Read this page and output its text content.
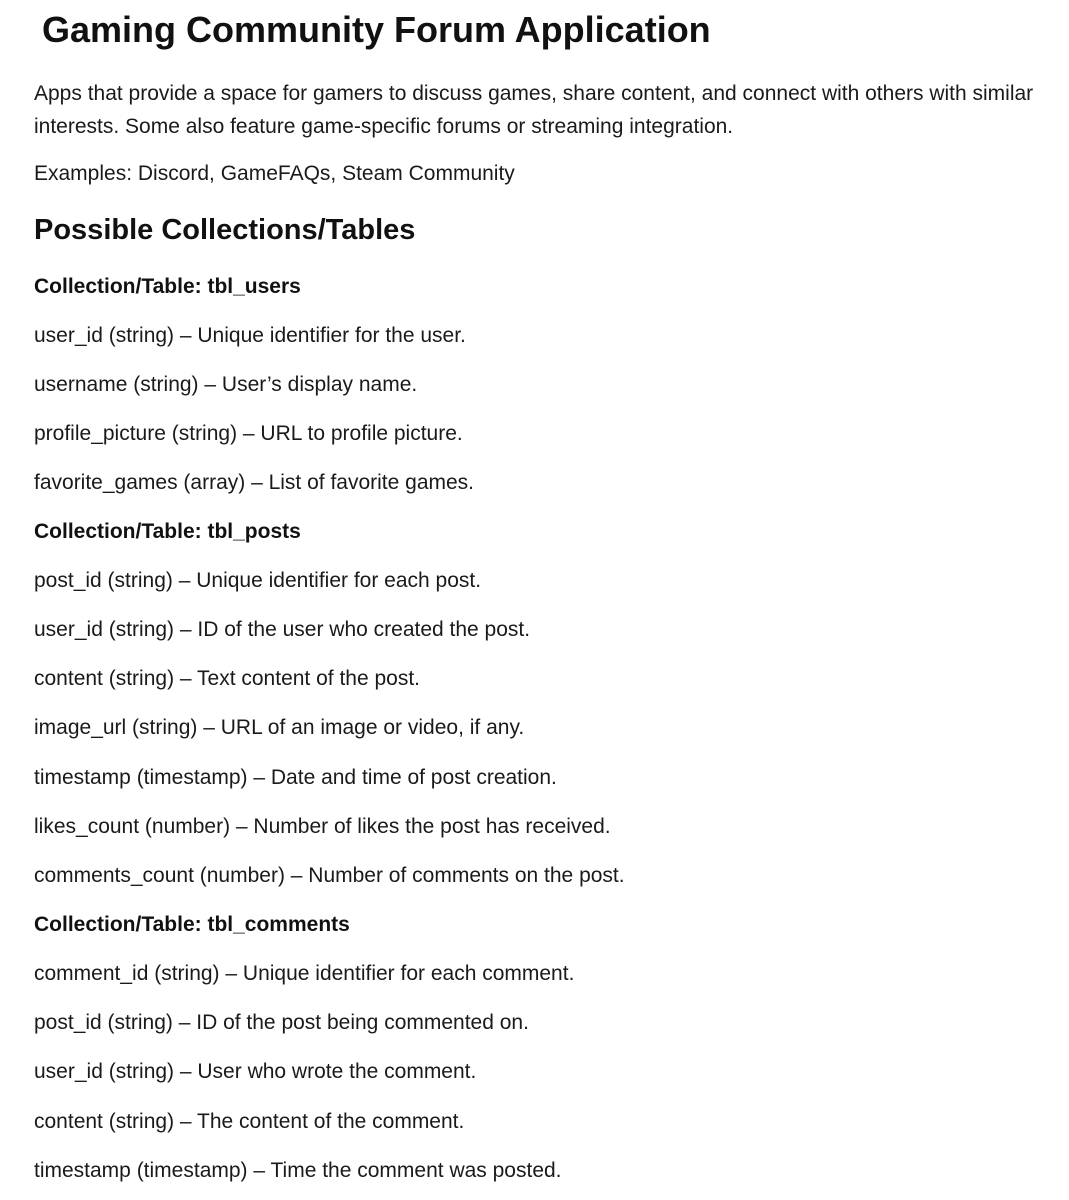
Gaming Community Forum Application

Apps that provide a space for gamers to discuss games, share content, and connect with others with similar interests. Some also feature game-specific forums or streaming integration.

Examples: Discord, GameFAQs, Steam Community

Possible Collections/Tables

Collection/Table: tbl_users

user_id (string) – Unique identifier for the user.

username (string) – User’s display name.

profile_picture (string) – URL to profile picture.

favorite_games (array) – List of favorite games.

Collection/Table: tbl_posts

post_id (string) – Unique identifier for each post.

user_id (string) – ID of the user who created the post.

content (string) – Text content of the post.

image_url (string) – URL of an image or video, if any.

timestamp (timestamp) – Date and time of post creation.

likes_count (number) – Number of likes the post has received.

comments_count (number) – Number of comments on the post.

Collection/Table: tbl_comments

comment_id (string) – Unique identifier for each comment.

post_id (string) – ID of the post being commented on.

user_id (string) – User who wrote the comment.

content (string) – The content of the comment.

timestamp (timestamp) – Time the comment was posted.
